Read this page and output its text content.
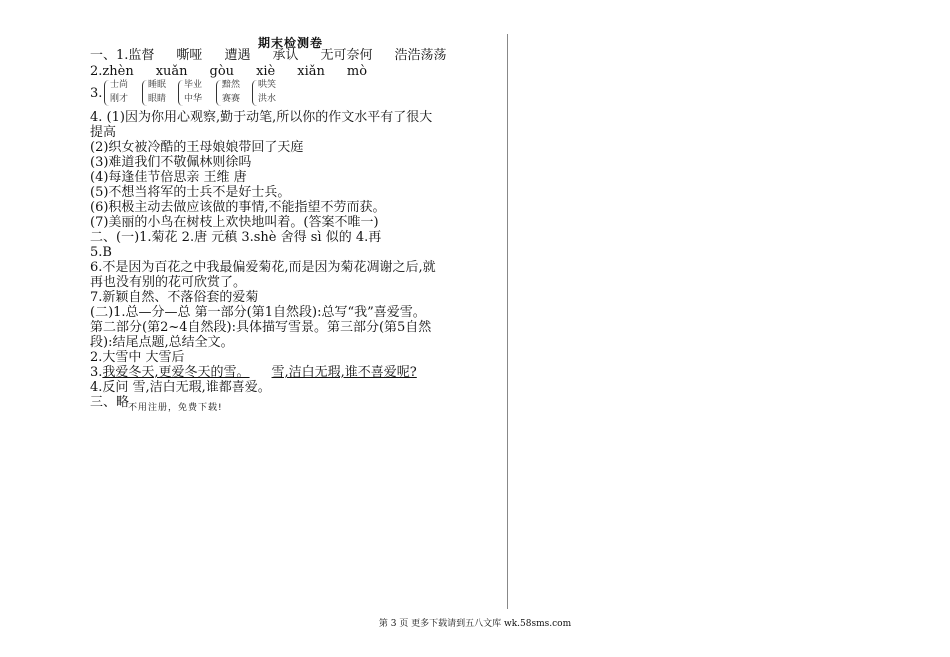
期末检测卷
一、1.监督 嘶哑 遭遇 承认 无可奈何 浩浩荡荡
2.zhèn xuǎn gòu xiè xiǎn mò
3.
士尚
刚才
睡眠
眼睛
毕业
中华
黯然
赛赛
哄笑
洪水
4. (1)因为你用心观察,勤于动笔,所以你的作文水平有了很大
提高
(2)织女被冷酷的王母娘娘带回了天庭
(3)难道我们不敬佩林则徐吗
(4)每逢佳节倍思亲 王维 唐
(5)不想当将军的士兵不是好士兵。
(6)积极主动去做应该做的事情,不能指望不劳而获。
(7)美丽的小鸟在树枝上欢快地叫着。(答案不唯一)
二、(一)1.菊花 2.唐 元稹 3.shè 舍得 sì 似的 4.再
5.B
6.不是因为百花之中我最偏爱菊花,而是因为菊花凋谢之后,就
再也没有别的花可欣赏了。
7.新颖自然、不落俗套的爱菊
(二)1.总—分—总 第一部分(第1自然段):总写“我”喜爱雪。
第二部分(第2~4自然段):具体描写雪景。第三部分(第5自然
段):结尾点题,总结全文。
2.大雪中 大雪后
3.我爱冬天,更爱冬天的雪。 雪,洁白无瑕,谁不喜爱呢?
4.反问 雪,洁白无瑕,谁都喜爱。
三、略
不用注册，免费下载!
第 3 页 更多下载请到五八文库 wk.58sms.com
